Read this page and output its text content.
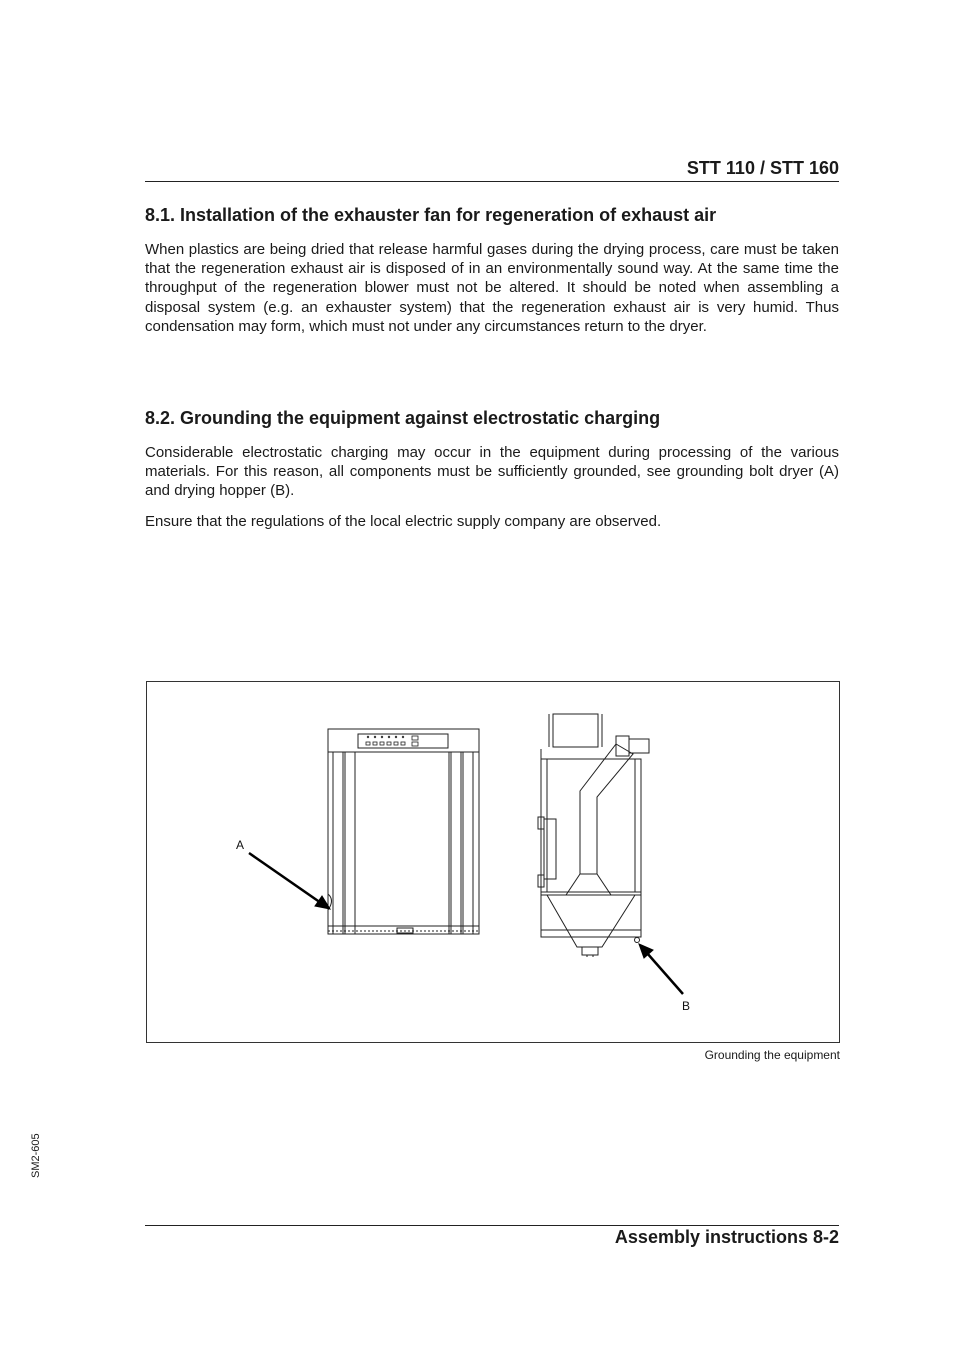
STT 110 / STT 160
8.1. Installation of the exhauster fan for regeneration of exhaust air

When plastics are being dried that release harmful gases during the drying process, care must be taken that the regeneration exhaust air is disposed of in an environmentally sound way. At the same time the throughput of the regeneration blower must not be altered. It should be noted when assembling a disposal system (e.g. an exhauster system) that the regeneration exhaust air is very humid. Thus condensation may form, which must not under any circumstances return to the dryer.

8.2. Grounding the equipment against electrostatic charging

Considerable electrostatic charging may occur in the equipment during processing of the various materials. For this reason, all components must be sufficiently grounded, see grounding bolt dryer (A) and drying hopper (B).

Ensure that the regulations of the local electric supply company are observed.

A
B
Grounding the equipment
SM2-605
Assembly instructions 8-2
